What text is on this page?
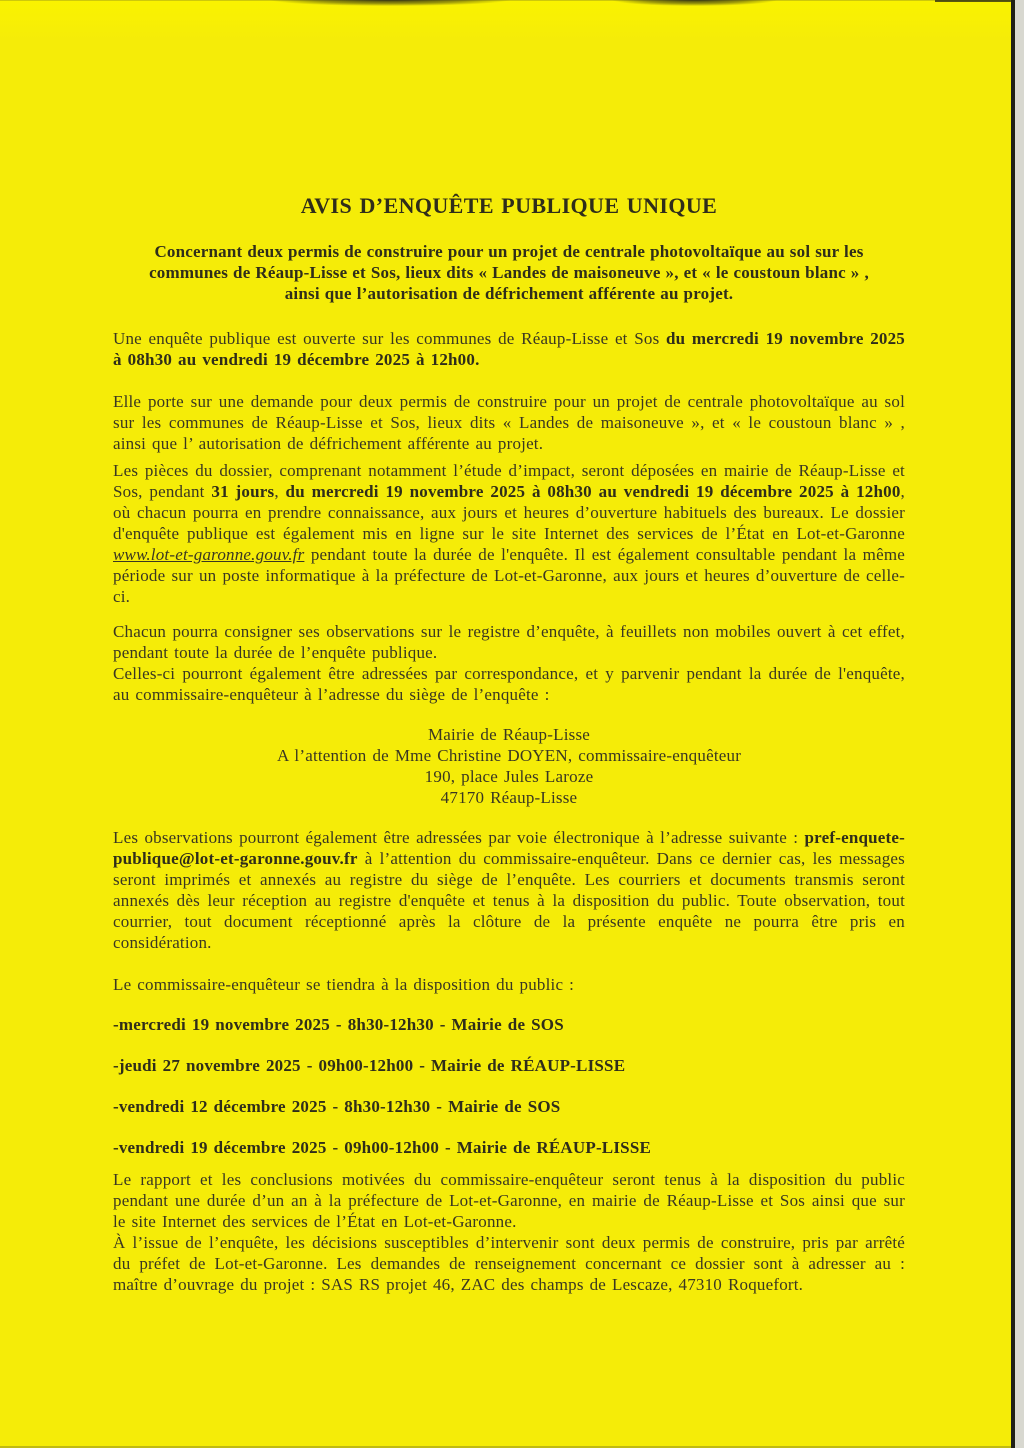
AVIS D’ENQUÊTE PUBLIQUE UNIQUE

Concernant deux permis de construire pour un projet de centrale photovoltaïque au sol sur les
communes de Réaup-Lisse et Sos, lieux dits « Landes de maisoneuve », et « le coustoun blanc » ,
ainsi que l’autorisation de défrichement afférente au projet.

Une enquête publique est ouverte sur les communes de Réaup-Lisse et Sos du mercredi 19 novembre 2025 à 08h30 au vendredi 19 décembre 2025 à 12h00.

Elle porte sur une demande pour deux permis de construire pour un projet de centrale photovoltaïque au sol sur les communes de Réaup-Lisse et Sos, lieux dits « Landes de maisoneuve », et « le coustoun blanc » , ainsi que l’ autorisation de défrichement afférente au projet.

Les pièces du dossier, comprenant notamment l’étude d’impact, seront déposées en mairie de Réaup-Lisse et Sos, pendant 31 jours, du mercredi 19 novembre 2025 à 08h30 au vendredi 19 décembre 2025 à 12h00, où chacun pourra en prendre connaissance, aux jours et heures d’ouverture habituels des bureaux. Le dossier d'enquête publique est également mis en ligne sur le site Internet des services de l’État en Lot-et-Garonne www.lot-et-garonne.gouv.fr pendant toute la durée de l'enquête. Il est également consultable pendant la même période sur un poste informatique à la préfecture de Lot-et-Garonne, aux jours et heures d’ouverture de celle-ci.

Chacun pourra consigner ses observations sur le registre d’enquête, à feuillets non mobiles ouvert à cet effet, pendant toute la durée de l’enquête publique.

Celles-ci pourront également être adressées par correspondance, et y parvenir pendant la durée de l'enquête, au commissaire-enquêteur à l’adresse du siège de l’enquête :

Mairie de Réaup-Lisse
A l’attention de Mme Christine DOYEN, commissaire-enquêteur
190, place Jules Laroze
47170 Réaup-Lisse

Les observations pourront également être adressées par voie électronique à l’adresse suivante : pref-enquete-publique@lot-et-garonne.gouv.fr à l’attention du commissaire-enquêteur. Dans ce dernier cas, les messages seront imprimés et annexés au registre du siège de l’enquête. Les courriers et documents transmis seront annexés dès leur réception au registre d'enquête et tenus à la disposition du public. Toute observation, tout courrier, tout document réceptionné après la clôture de la présente enquête ne pourra être pris en considération.

Le commissaire-enquêteur se tiendra à la disposition du public :

-mercredi 19 novembre 2025 - 8h30-12h30 - Mairie de SOS

-jeudi 27 novembre 2025 - 09h00-12h00 - Mairie de RÉAUP-LISSE

-vendredi 12 décembre 2025 - 8h30-12h30 - Mairie de SOS

-vendredi 19 décembre 2025 - 09h00-12h00 - Mairie de RÉAUP-LISSE

Le rapport et les conclusions motivées du commissaire-enquêteur seront tenus à la disposition du public pendant une durée d’un an à la préfecture de Lot-et-Garonne, en mairie de Réaup-Lisse et Sos ainsi que sur le site Internet des services de l’État en Lot-et-Garonne.

À l’issue de l’enquête, les décisions susceptibles d’intervenir sont deux permis de construire, pris par arrêté du préfet de Lot-et-Garonne. Les demandes de renseignement concernant ce dossier sont à adresser au : maître d’ouvrage du projet : SAS RS projet 46, ZAC des champs de Lescaze, 47310 Roquefort.
